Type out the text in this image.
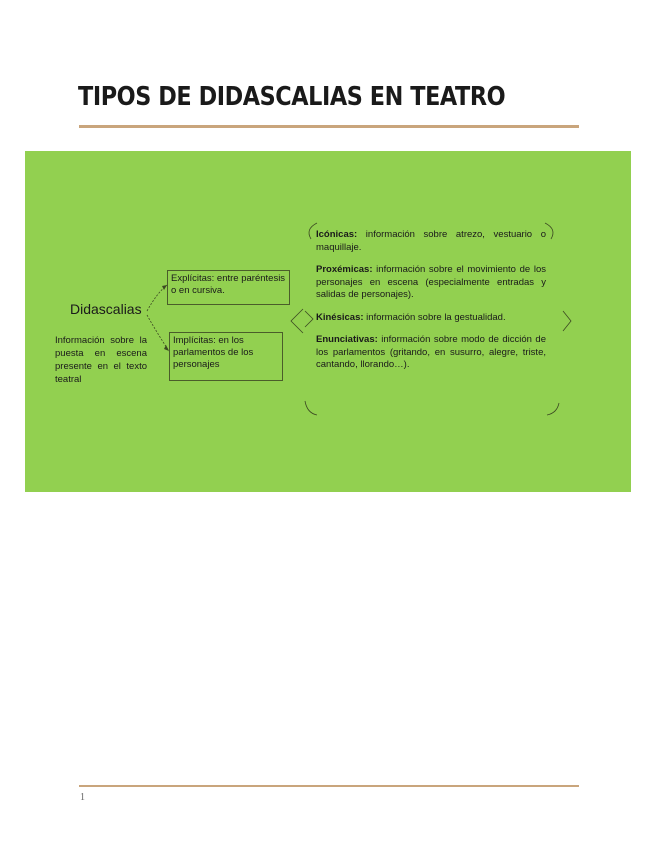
TIPOS DE DIDASCALIAS EN TEATRO
Didascalias
Información sobre la puesta en escena presente en el texto teatral
Explícitas: entre paréntesis o en cursiva.
Implícitas: en los parlamentos de los personajes

Icónicas: información sobre atrezo, vestuario o maquillaje.

Proxémicas: información sobre el movimiento de los personajes en escena (especialmente entradas y salidas de personajes).

Kinésicas: información sobre la gestualidad.

Enunciativas: información sobre modo de dicción de los parlamentos (gritando, en susurro, alegre, triste, cantando, llorando…).

1
